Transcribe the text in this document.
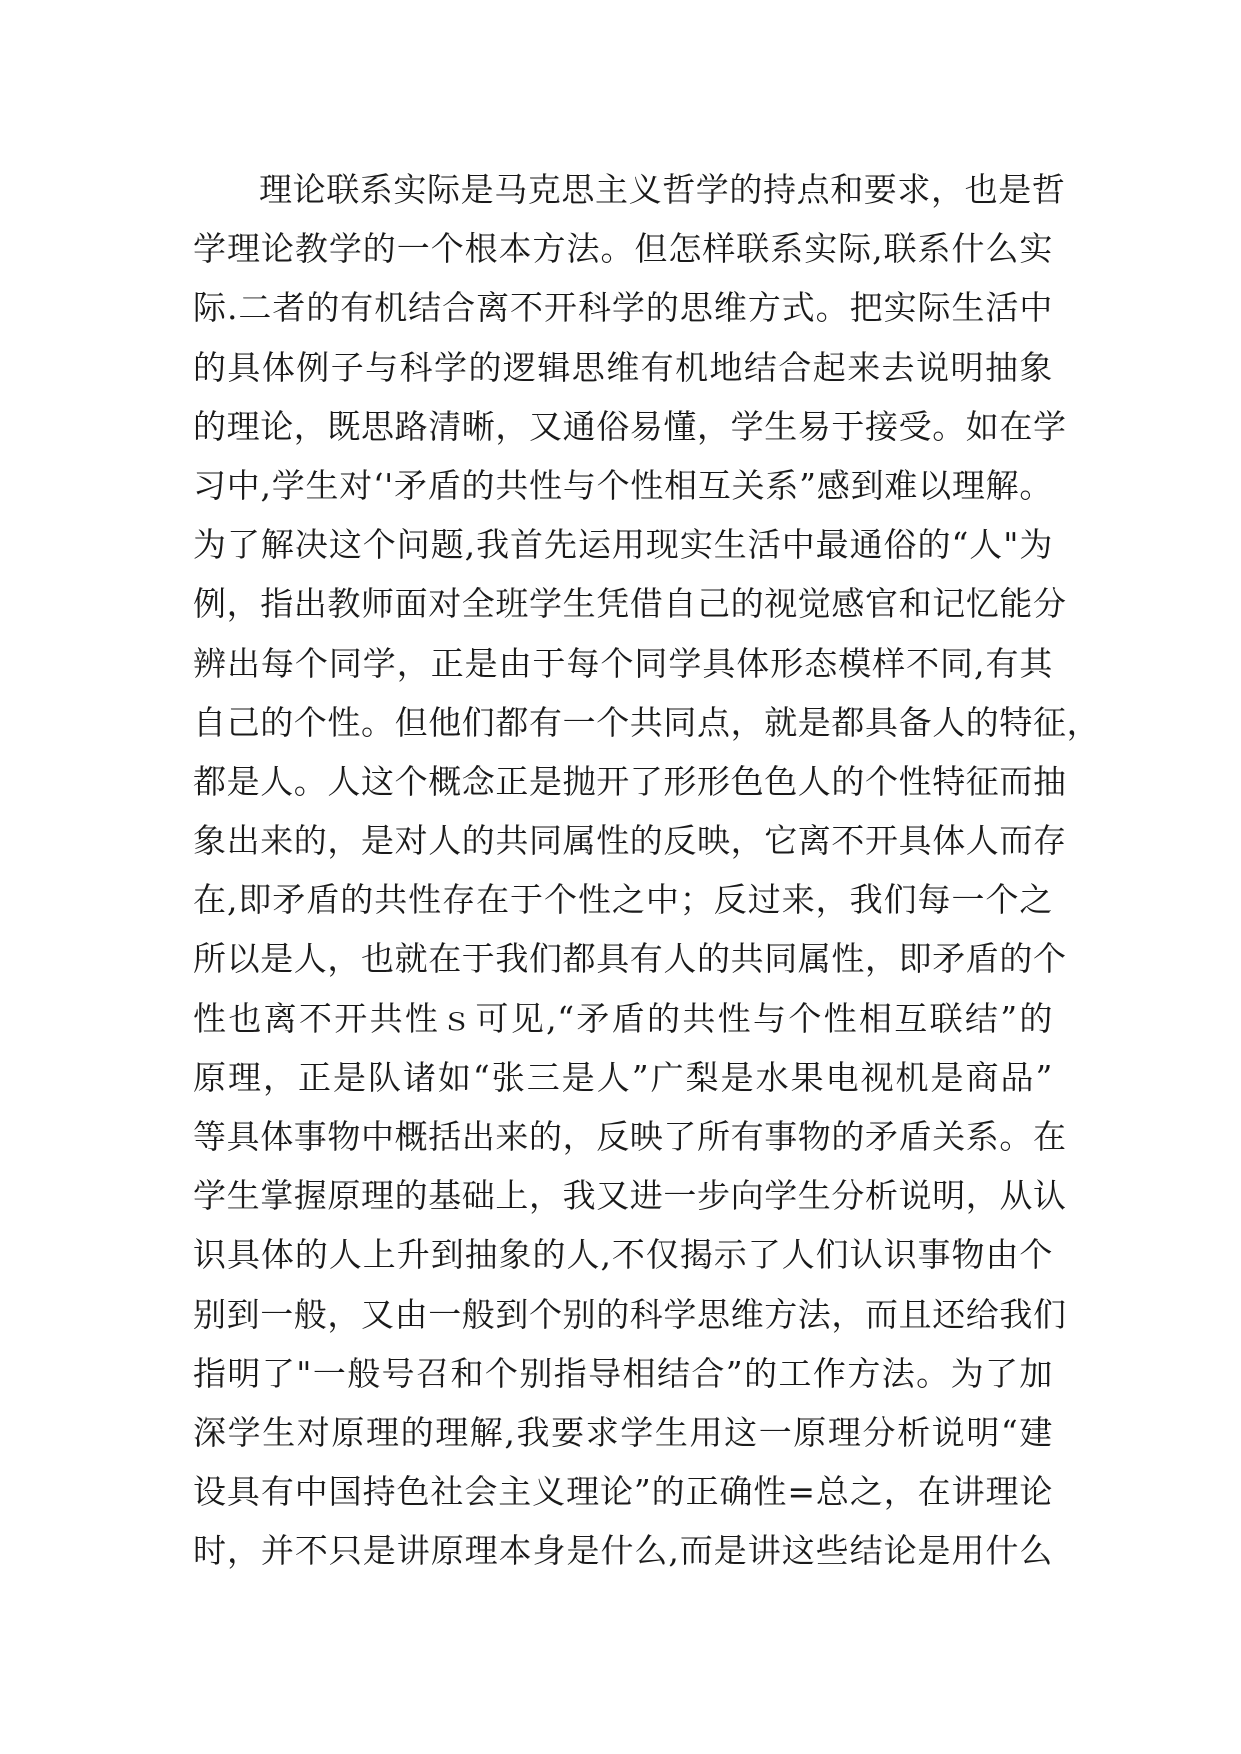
理论联系实际是马克思主义哲学的持点和要求，也是哲
学理论教学的一个根本方法。但怎样联系实际,联系什么实
际.二者的有机结合离不开科学的思维方式。把实际生活中
的具体例子与科学的逻辑思维有机地结合起来去说明抽象
的理论，既思路清晰，又通俗易懂，学生易于接受。如在学
习中,学生对‘'矛盾的共性与个性相互关系”感到难以理解。
为了解决这个问题,我首先运用现实生活中最通俗的“人"为
例，指出教师面对全班学生凭借自己的视觉感官和记忆能分
辨出每个同学，正是由于每个同学具体形态模样不同,有其
自己的个性。但他们都有一个共同点，就是都具备人的特征，
都是人。人这个概念正是抛开了形形色色人的个性特征而抽
象出来的，是对人的共同属性的反映，它离不开具体人而存
在,即矛盾的共性存在于个性之中；反过来，我们每一个之
所以是人，也就在于我们都具有人的共同属性，即矛盾的个
性也离不开共性ｓ可见,“矛盾的共性与个性相互联结”的
原理，正是队诸如“张三是人”广梨是水果电视机是商品”
等具体事物中概括出来的，反映了所有事物的矛盾关系。在
学生掌握原理的基础上，我又进一步向学生分析说明，从认
识具体的人上升到抽象的人,不仅揭示了人们认识事物由个
别到一般，又由一般到个别的科学思维方法，而且还给我们
指明了"一般号召和个别指导相结合”的工作方法。为了加
深学生对原理的理解,我要求学生用这一原理分析说明“建
设具有中国持色社会主义理论”的正确性=总之，在讲理论
时，并不只是讲原理本身是什么,而是讲这些结论是用什么
